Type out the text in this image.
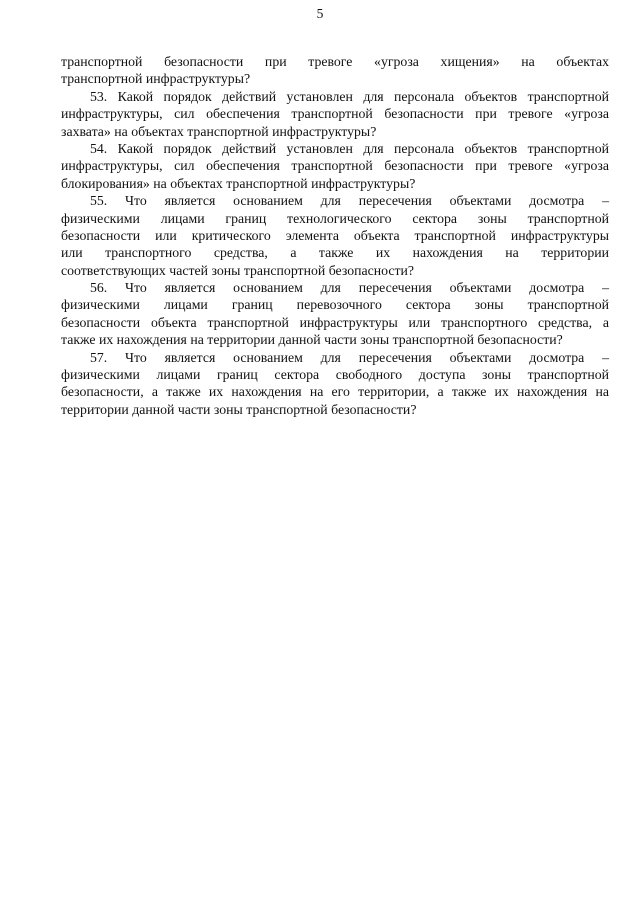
5
транспортной безопасности при тревоге «угроза хищения» на объектах
транспортной инфраструктуры?
53. Какой порядок действий установлен для персонала объектов транспортной
инфраструктуры, сил обеспечения транспортной безопасности при тревоге «угроза
захвата» на объектах транспортной инфраструктуры?
54. Какой порядок действий установлен для персонала объектов транспортной
инфраструктуры, сил обеспечения транспортной безопасности при тревоге «угроза
блокирования» на объектах транспортной инфраструктуры?
55. Что является основанием для пересечения объектами досмотра –
физическими лицами границ технологического сектора зоны транспортной
безопасности или критического элемента объекта транспортной инфраструктуры
или транспортного средства, а также их нахождения на территории
соответствующих частей зоны транспортной безопасности?
56. Что является основанием для пересечения объектами досмотра –
физическими лицами границ перевозочного сектора зоны транспортной
безопасности объекта транспортной инфраструктуры или транспортного средства, а
также их нахождения на территории данной части зоны транспортной безопасности?
57. Что является основанием для пересечения объектами досмотра –
физическими лицами границ сектора свободного доступа зоны транспортной
безопасности, а также их нахождения на его территории, а также их нахождения на
территории данной части зоны транспортной безопасности?
